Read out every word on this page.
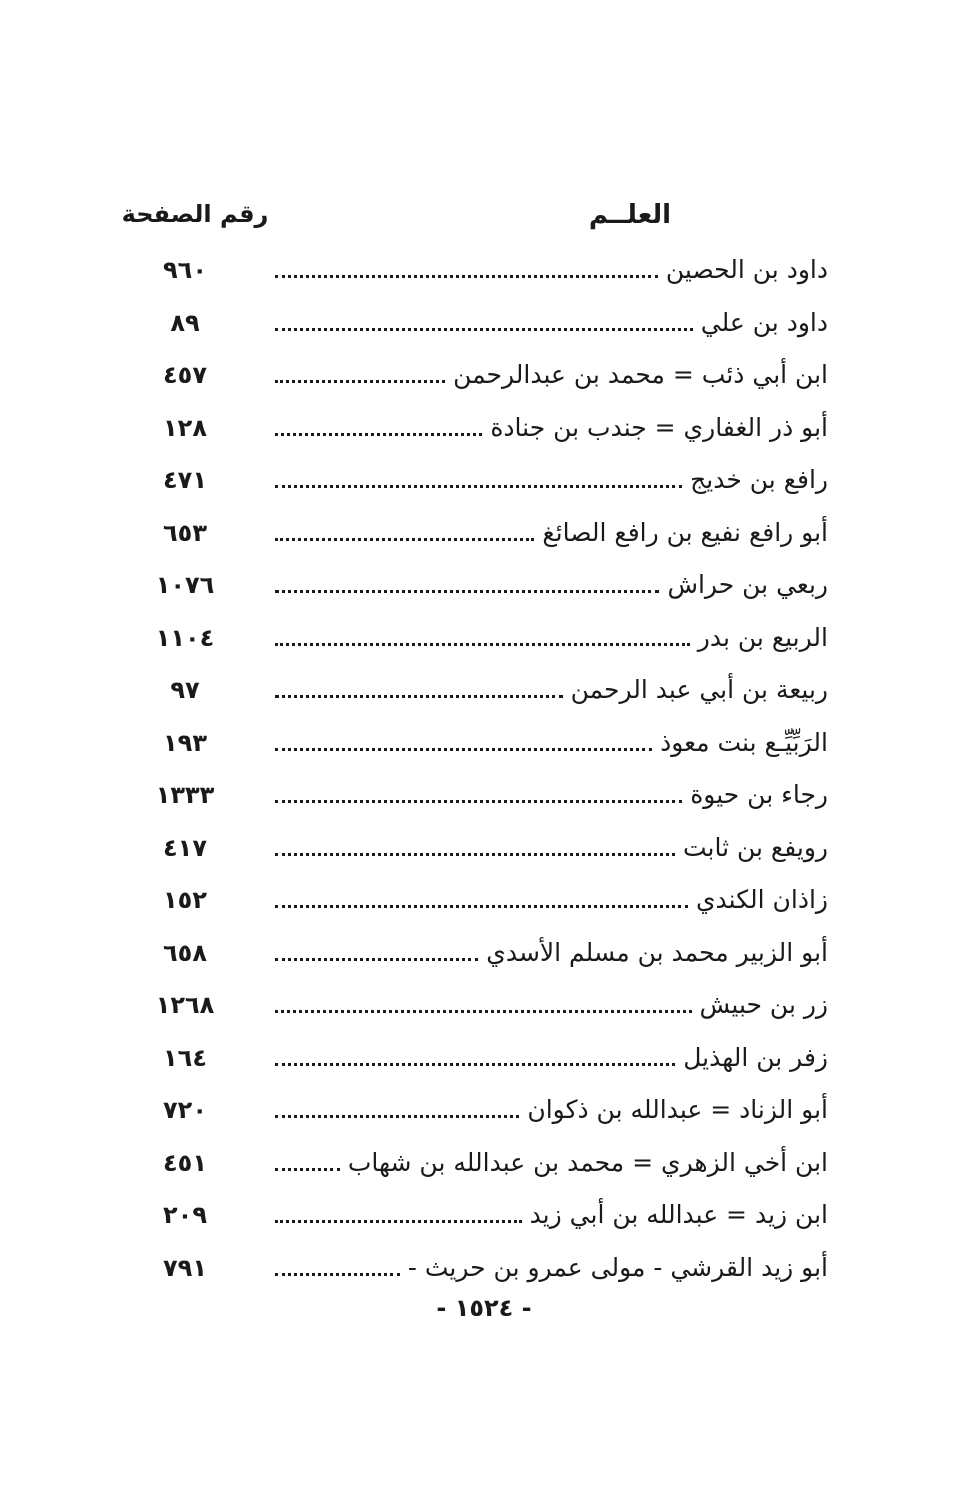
العلــم
رقم الصفحة
داود بن الحصين
٩٦٠
داود بن علي
٨٩
ابن أبي ذئب = محمد بن عبدالرحمن
٤٥٧
أبو ذر الغفاري = جندب بن جنادة
١٢٨
رافع بن خديج
٤٧١
أبو رافع نفيع بن رافع الصائغ
٦٥٣
ربعي بن حراش
١٠٧٦
الربيع بن بدر
١١٠٤
ربيعة بن أبي عبد الرحمن
٩٧
الرَبِّيِّـع بنت معوذ
١٩٣
رجاء بن حيوة
١٣٣٣
رويفع بن ثابت
٤١٧
زاذان الكندي
١٥٢
أبو الزبير محمد بن مسلم الأسدي
٦٥٨
زر بن حبيش
١٢٦٨
زفر بن الهذيل
١٦٤
أبو الزناد = عبدالله بن ذكوان
٧٢٠
ابن أخي الزهري = محمد بن عبدالله بن شهاب
٤٥١
ابن زيد = عبدالله بن أبي زيد
٢٠٩
أبو زيد القرشي - مولى عمرو بن حريث -
٧٩١
- ١٥٢٤ -
